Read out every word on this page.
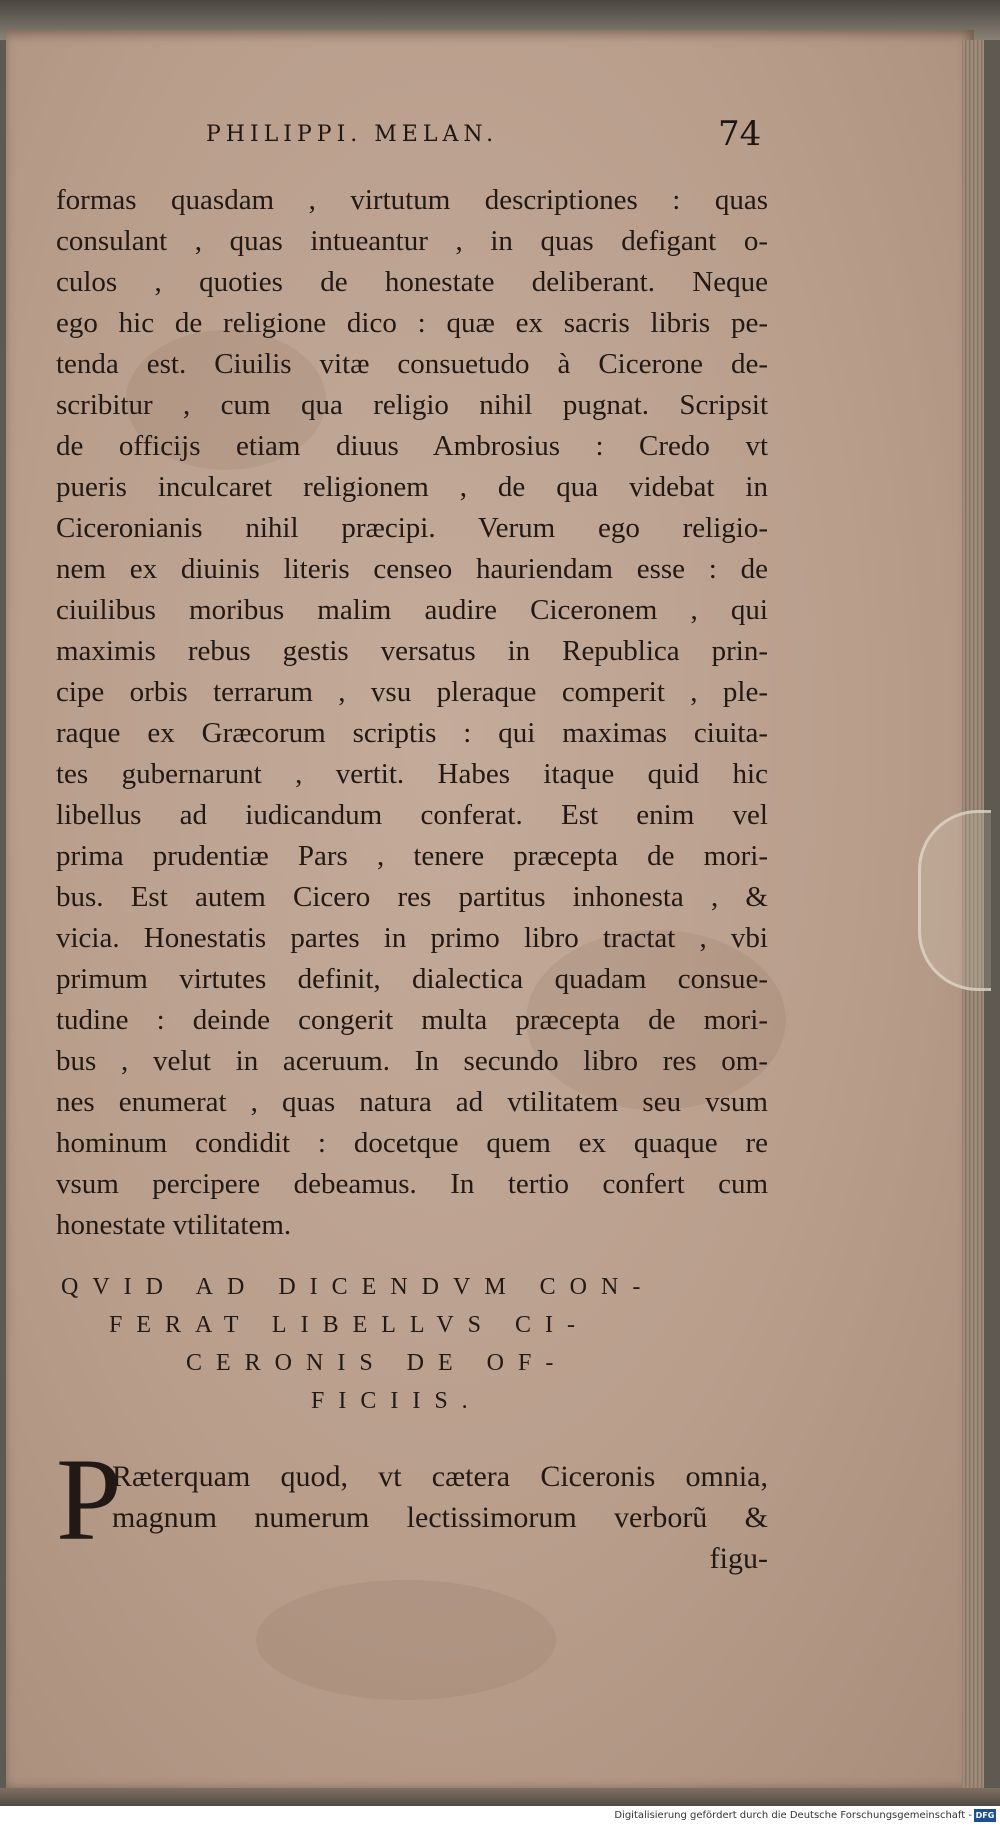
PHILIPPI. MELAN.	74
formas quasdam , virtutum descriptiones : quas
consulant , quas intueantur , in quas defigant o-
culos , quoties de honestate deliberant. Neque
ego hic de religione dico : quæ ex sacris libris pe-
tenda est. Ciuilis vitæ consuetudo à Cicerone de-
scribitur , cum qua religio nihil pugnat. Scripsit
de officijs etiam diuus Ambrosius : Credo vt
pueris inculcaret religionem , de qua videbat in
Ciceronianis nihil præcipi. Verum ego religio-
nem ex diuinis literis censeo hauriendam esse : de
ciuilibus moribus malim audire Ciceronem , qui
maximis rebus gestis versatus in Republica prin-
cipe orbis terrarum , vsu pleraque comperit , ple-
raque ex Græcorum scriptis : qui maximas ciuita-
tes gubernarunt , vertit. Habes itaque quid hic
libellus ad iudicandum conferat. Est enim vel
prima prudentiæ Pars , tenere præcepta de mori-
bus. Est autem Cicero res partitus inhonesta , &
vicia. Honestatis partes in primo libro tractat , vbi
primum virtutes definit, dialectica quadam consue-
tudine : deinde congerit multa præcepta de mori-
bus , velut in aceruum. In secundo libro res om-
nes enumerat , quas natura ad vtilitatem seu vsum
hominum condidit : docetque quem ex quaque re
vsum percipere debeamus. In tertio confert cum
honestate vtilitatem.
QVID AD DICENDVM CON-
FERAT LIBELLVS CI-
CERONIS DE OF-
FICIIS.
P
Ræterquam quod, vt cætera Ciceronis omnia,
magnum numerum lectissimorum verborũ &
figu-
Digitalisierung gefördert durch die Deutsche Forschungsgemeinschaft - DFG
